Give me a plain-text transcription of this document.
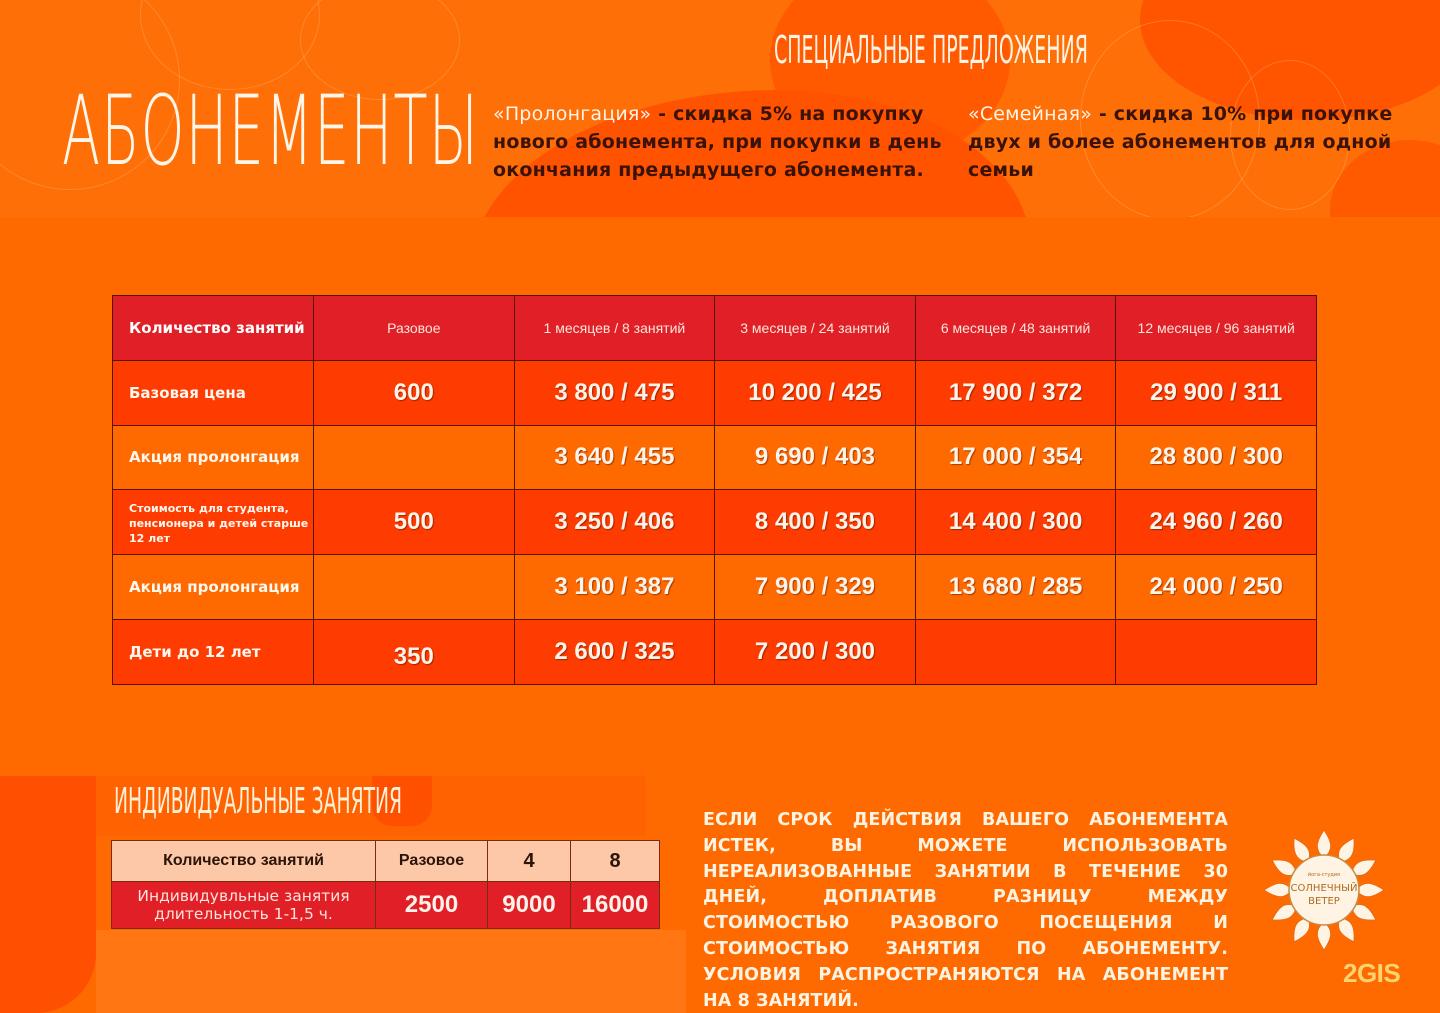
АБОНЕМЕНТЫ
СПЕЦИАЛЬНЫЕ ПРЕДЛОЖЕНИЯ
«Пролонгация» - скидка 5% на покупку нового абонемента, при покупки в день окончания предыдущего абонемента.
«Семейная» - скидка 10% при покупке двух и более абонементов для одной семьи
Количество занятий	Разовое	1 месяцев / 8 занятий	3 месяцев / 24 занятий	6 месяцев / 48 занятий	12 месяцев / 96 занятий
Базовая цена	600	3 800 / 475	10 200 / 425	17 900 / 372	29 900 / 311
Акция пролонгация		3 640 / 455	9 690 / 403	17 000 / 354	28 800 / 300
Стоимость для студента, пенсионера и детей старше 12 лет	500	3 250 / 406	8 400 / 350	14 400 / 300	24 960 / 260
Акция пролонгация		3 100 / 387	7 900 / 329	13 680 / 285	24 000 / 250
Дети до 12 лет	350	2 600 / 325	7 200 / 300		
ИНДИВИДУАЛЬНЫЕ ЗАНЯТИЯ
Количество занятий	Разовое	4	8

Индивидувльные занятия
длительность 1-1,5 ч.	2500	9000	16000
ЕСЛИ СРОК ДЕЙСТВИЯ ВАШЕГО АБОНЕМЕНТА ИСТЕК, ВЫ МОЖЕТЕ ИСПОЛЬЗОВАТЬ НЕРЕАЛИЗОВАННЫЕ ЗАНЯТИИ В ТЕЧЕНИЕ 30 ДНЕЙ, ДОПЛАТИВ РАЗНИЦУ МЕЖДУ СТОИМОСТЬЮ РАЗОВОГО ПОСЕЩЕНИЯ И СТОИМОСТЬЮ ЗАНЯТИЯ ПО АБОНЕМЕНТУ. УСЛОВИЯ РАСПРОСТРАНЯЮТСЯ НА АБОНЕМЕНТ НА 8 ЗАНЯТИЙ.
йога-студия
СОЛНЕЧНЫЙ
ВЕТЕР
2GIS
